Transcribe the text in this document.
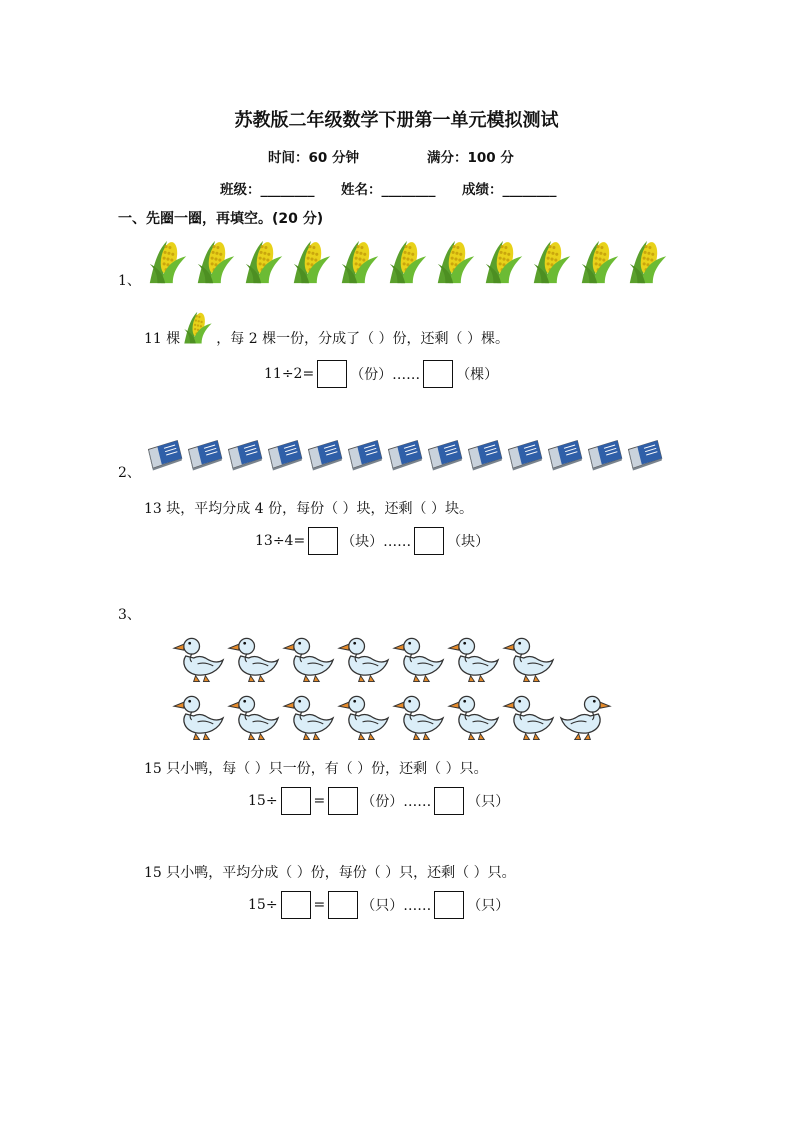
苏教版二年级数学下册第一单元模拟测试
时间：60 分钟	满分：100 分
班级：________ 姓名：________ 成绩：________
一、先圈一圈，再填空。(20 分)
1、
11 棵	，每 2 棵一份，分成了（ ）份，还剩（ ）棵。
11÷2=	（份）……	（棵）
2、
13 块，平均分成 4 份，每份（ ）块，还剩（ ）块。
13÷4=	（块）……	（块）
3、
15 只小鸭，每（ ）只一份，有（ ）份，还剩（ ）只。
15÷	=	（份）……	（只）
15 只小鸭，平均分成（ ）份，每份（ ）只，还剩（ ）只。
15÷	=	（只）……	（只）
